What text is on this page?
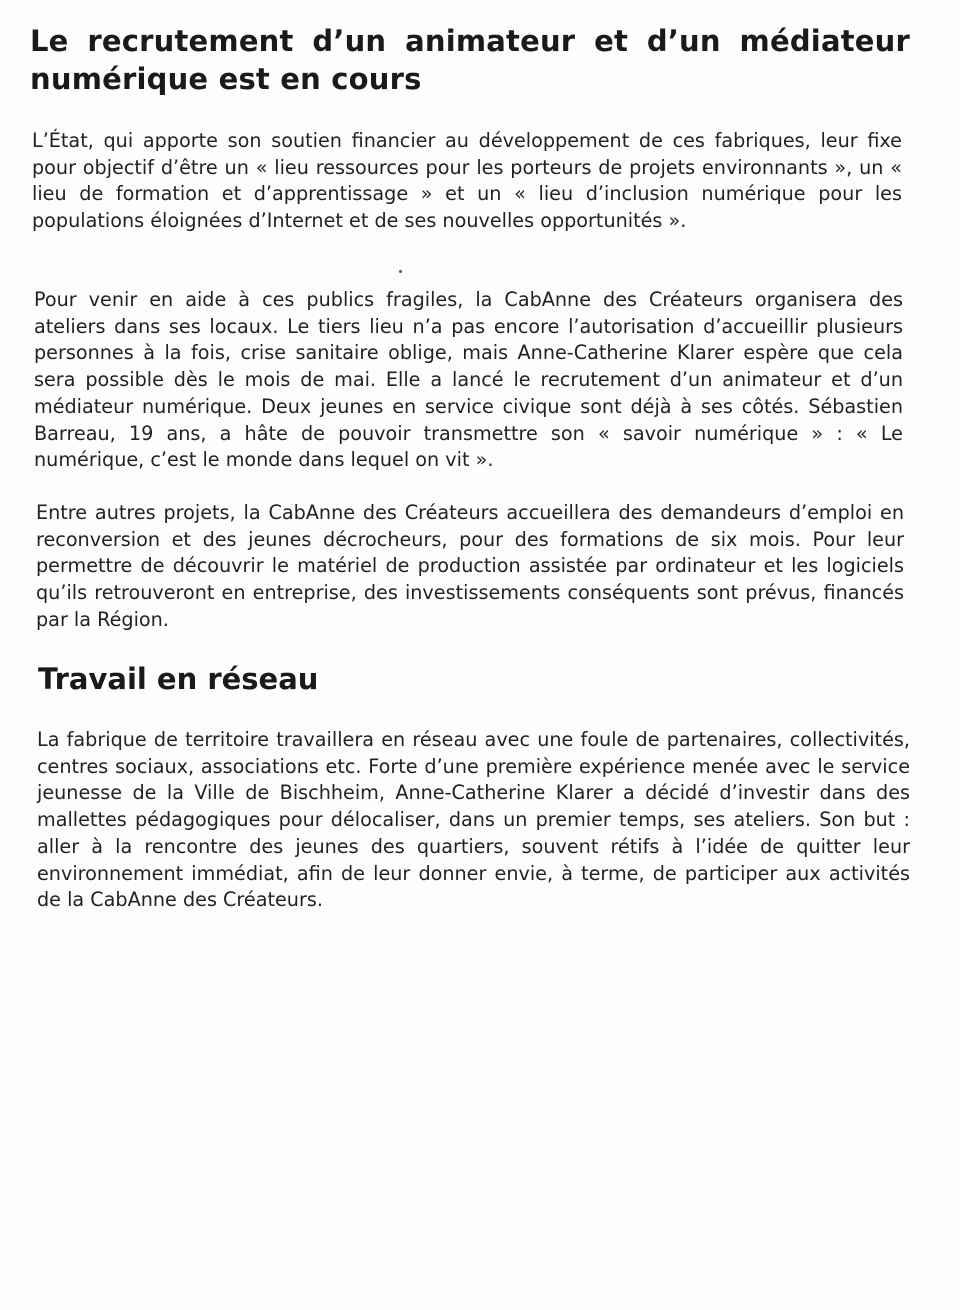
Le recrutement d’un animateur et d’un médiateur numérique est en cours

L’État, qui apporte son soutien financier au développement de ces fabriques, leur fixe pour objectif d’être un « lieu ressources pour les porteurs de projets environnants », un « lieu de formation et d’apprentissage » et un « lieu d’inclusion numérique pour les populations éloignées d’Internet et de ses nouvelles opportunités ».

Pour venir en aide à ces publics fragiles, la CabAnne des Créateurs organisera des ateliers dans ses locaux. Le tiers lieu n’a pas encore l’autorisation d’accueillir plusieurs personnes à la fois, crise sanitaire oblige, mais Anne-Catherine Klarer espère que cela sera possible dès le mois de mai. Elle a lancé le recrutement d’un animateur et d’un médiateur numérique. Deux jeunes en service civique sont déjà à ses côtés. Sébastien Barreau, 19 ans, a hâte de pouvoir transmettre son « savoir numérique » : « Le numérique, c’est le monde dans lequel on vit ».

Entre autres projets, la CabAnne des Créateurs accueillera des demandeurs d’emploi en reconversion et des jeunes décrocheurs, pour des formations de six mois. Pour leur permettre de découvrir le matériel de production assistée par ordinateur et les logiciels qu’ils retrouveront en entreprise, des investissements conséquents sont prévus, financés par la Région.

Travail en réseau

La fabrique de territoire travaillera en réseau avec une foule de partenaires, collectivités, centres sociaux, associations etc. Forte d’une première expérience menée avec le service jeunesse de la Ville de Bischheim, Anne-Catherine Klarer a décidé d’investir dans des mallettes pédagogiques pour délocaliser, dans un premier temps, ses ateliers. Son but : aller à la rencontre des jeunes des quartiers, souvent rétifs à l’idée de quitter leur environnement immédiat, afin de leur donner envie, à terme, de participer aux activités de la CabAnne des Créateurs.
